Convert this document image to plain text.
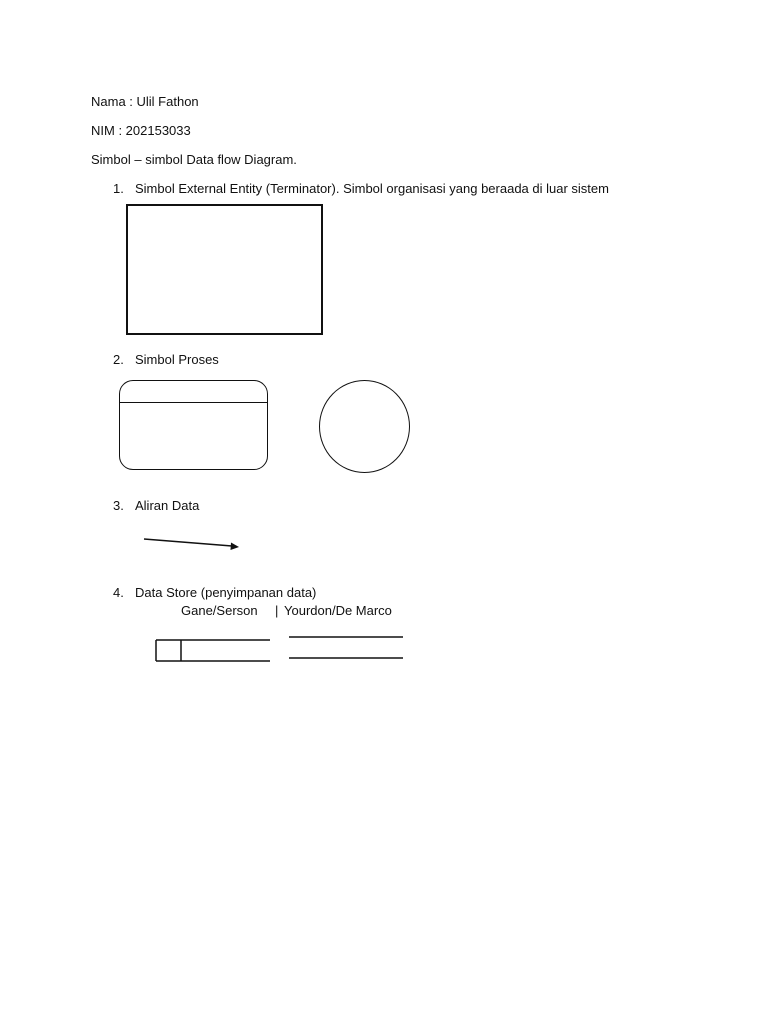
Nama : Ulil Fathon
NIM : 202153033
Simbol – simbol Data flow Diagram.
1. Simbol External Entity (Terminator). Simbol organisasi yang beraada di luar sistem
2. Simbol Proses
3. Aliran Data
4. Data Store (penyimpanan data)
Gane/Serson | Yourdon/De Marco
